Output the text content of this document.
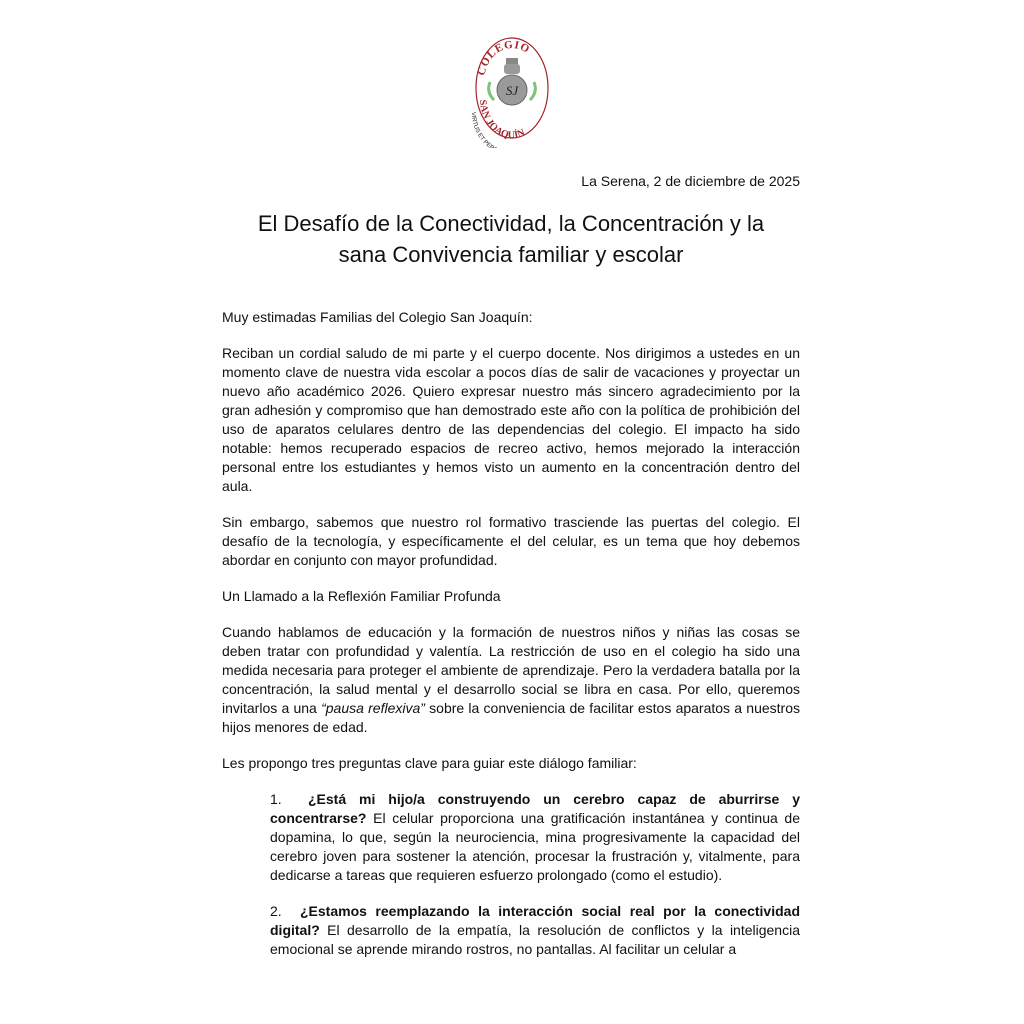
COLEGIO
SAN JOAQUÍN
VIRTUS ET PE
SJ
La Serena, 2 de diciembre de 2025
El Desafío de la Conectividad, la Concentración y la
sana Convivencia familiar y escolar

Muy estimadas Familias del Colegio San Joaquín:

Reciban un cordial saludo de mi parte y el cuerpo docente. Nos dirigimos a ustedes en un momento clave de nuestra vida escolar a pocos días de salir de vacaciones y proyectar un nuevo año académico 2026. Quiero expresar nuestro más sincero agradecimiento por la gran adhesión y compromiso que han demostrado este año con la política de prohibición del uso de aparatos celulares dentro de las dependencias del colegio. El impacto ha sido notable: hemos recuperado espacios de recreo activo, hemos mejorado la interacción personal entre los estudiantes y hemos visto un aumento en la concentración dentro del aula.

Sin embargo, sabemos que nuestro rol formativo trasciende las puertas del colegio. El desafío de la tecnología, y específicamente el del celular, es un tema que hoy debemos abordar en conjunto con mayor profundidad.

Un Llamado a la Reflexión Familiar Profunda

Cuando hablamos de educación y la formación de nuestros niños y niñas las cosas se deben tratar con profundidad y valentía. La restricción de uso en el colegio ha sido una medida necesaria para proteger el ambiente de aprendizaje. Pero la verdadera batalla por la concentración, la salud mental y el desarrollo social se libra en casa. Por ello, queremos invitarlos a una “pausa reflexiva” sobre la conveniencia de facilitar estos aparatos a nuestros hijos menores de edad.

Les propongo tres preguntas clave para guiar este diálogo familiar:

1. ¿Está mi hijo/a construyendo un cerebro capaz de aburrirse y concentrarse? El celular proporciona una gratificación instantánea y continua de dopamina, lo que, según la neurociencia, mina progresivamente la capacidad del cerebro joven para sostener la atención, procesar la frustración y, vitalmente, para dedicarse a tareas que requieren esfuerzo prolongado (como el estudio).
2. ¿Estamos reemplazando la interacción social real por la conectividad digital? El desarrollo de la empatía, la resolución de conflictos y la inteligencia emocional se aprende mirando rostros, no pantallas. Al facilitar un celular a
